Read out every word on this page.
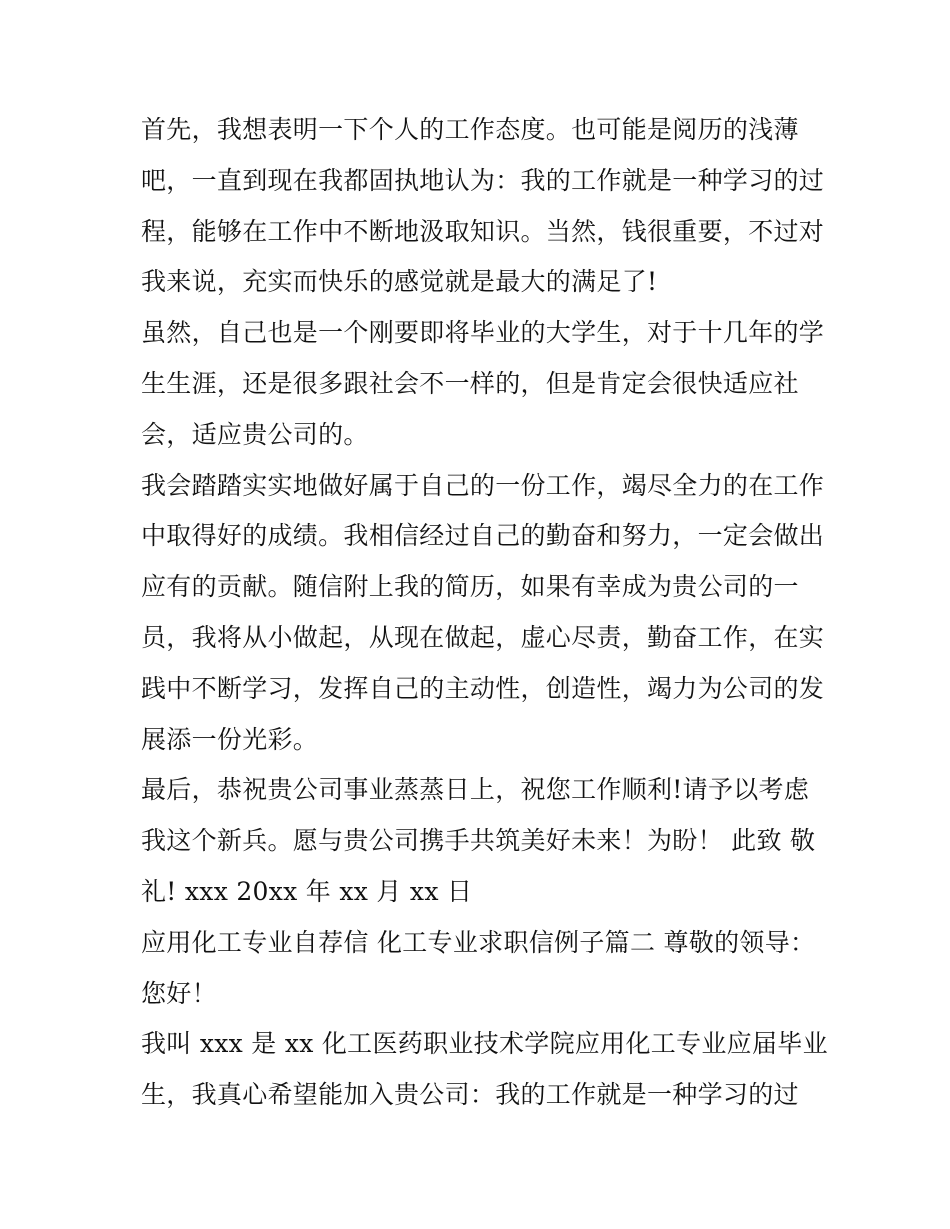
首先，我想表明一下个人的工作态度。也可能是阅历的浅薄
吧，一直到现在我都固执地认为：我的工作就是一种学习的过
程，能够在工作中不断地汲取知识。当然，钱很重要，不过对
我来说，充实而快乐的感觉就是最大的满足了!
虽然，自己也是一个刚要即将毕业的大学生，对于十几年的学
生生涯，还是很多跟社会不一样的，但是肯定会很快适应社
会，适应贵公司的。
我会踏踏实实地做好属于自己的一份工作，竭尽全力的在工作
中取得好的成绩。我相信经过自己的勤奋和努力，一定会做出
应有的贡献。随信附上我的简历，如果有幸成为贵公司的一
员，我将从小做起，从现在做起，虚心尽责，勤奋工作，在实
践中不断学习，发挥自己的主动性，创造性，竭力为公司的发
展添一份光彩。
最后，恭祝贵公司事业蒸蒸日上，祝您工作顺利!请予以考虑
我这个新兵。愿与贵公司携手共筑美好未来！为盼！ 此致 敬
礼! xxx 20xx 年 xx 月 xx 日
应用化工专业自荐信 化工专业求职信例子篇二 尊敬的领导：
您好！
我叫 xxx 是 xx 化工医药职业技术学院应用化工专业应届毕业
生，我真心希望能加入贵公司：我的工作就是一种学习的过
